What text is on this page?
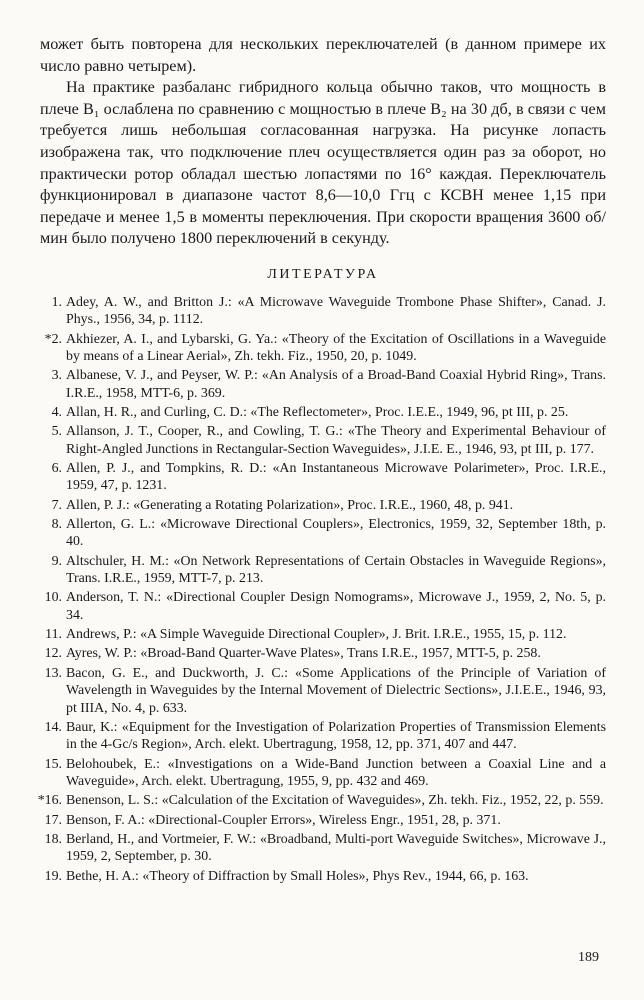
может быть повторена для нескольких переключателей (в данном примере их число равно четырем).

На практике разбаланс гибридного кольца обычно таков, что мощность в плече B₁ ослаблена по сравнению с мощностью в плече B₂ на 30 дб, в связи с чем требуется лишь небольшая согласованная нагрузка. На рисунке лопасть изображена так, что подключение плеч осуществляется один раз за оборот, но практически ротор обладал шестью лопастями по 16° каждая. Переключатель функционировал в диапазоне частот 8,6—10,0 Ггц с КСВН менее 1,15 при передаче и менее 1,5 в моменты переключения. При скорости вращения 3600 об/мин было получено 1800 переключений в секунду.

ЛИТЕРАТУРА
1. Adey, A. W., and Britton J.: «A Microwave Waveguide Trombone Phase Shifter», Canad. J. Phys., 1956, 34, p. 1112.
*2. Akhiezer, A. I., and Lybarski, G. Ya.: «Theory of the Excitation of Oscillations in a Waveguide by means of a Linear Aerial», Zh. tekh. Fiz., 1950, 20, p. 1049.
3. Albanese, V. J., and Peyser, W. P.: «An Analysis of a Broad-Band Coaxial Hybrid Ring», Trans. I.R.E., 1958, MTT-6, p. 369.
4. Allan, H. R., and Curling, C. D.: «The Reflectometer», Proc. I.E.E., 1949, 96, pt III, p. 25.
5. Allanson, J. T., Cooper, R., and Cowling, T. G.: «The Theory and Experimental Behaviour of Right-Angled Junctions in Rectangular-Section Waveguides», J.I.E. E., 1946, 93, pt III, p. 177.
6. Allen, P. J., and Tompkins, R. D.: «An Instantaneous Microwave Polarimeter», Proc. I.R.E., 1959, 47, p. 1231.
7. Allen, P. J.: «Generating a Rotating Polarization», Proc. I.R.E., 1960, 48, p. 941.
8. Allerton, G. L.: «Microwave Directional Couplers», Electronics, 1959, 32, September 18th, p. 40.
9. Altschuler, H. M.: «On Network Representations of Certain Obstacles in Waveguide Regions», Trans. I.R.E., 1959, MTT-7, p. 213.
10. Anderson, T. N.: «Directional Coupler Design Nomograms», Microwave J., 1959, 2, No. 5, p. 34.
11. Andrews, P.: «A Simple Waveguide Directional Coupler», J. Brit. I.R.E., 1955, 15, p. 112.
12. Ayres, W. P.: «Broad-Band Quarter-Wave Plates», Trans I.R.E., 1957, MTT-5, p. 258.
13. Bacon, G. E., and Duckworth, J. C.: «Some Applications of the Principle of Variation of Wavelength in Waveguides by the Internal Movement of Dielectric Sections», J.I.E.E., 1946, 93, pt IIIA, No. 4, p. 633.
14. Baur, K.: «Equipment for the Investigation of Polarization Properties of Transmission Elements in the 4-Gc/s Region», Arch. elekt. Ubertragung, 1958, 12, pp. 371, 407 and 447.
15. Belohoubek, E.: «Investigations on a Wide-Band Junction between a Coaxial Line and a Waveguide», Arch. elekt. Ubertragung, 1955, 9, pp. 432 and 469.
*16. Benenson, L. S.: «Calculation of the Excitation of Waveguides», Zh. tekh. Fiz., 1952, 22, p. 559.
17. Benson, F. A.: «Directional-Coupler Errors», Wireless Engr., 1951, 28, p. 371.
18. Berland, H., and Vortmeier, F. W.: «Broadband, Multi-port Waveguide Switches», Microwave J., 1959, 2, September, p. 30.
19. Bethe, H. A.: «Theory of Diffraction by Small Holes», Phys Rev., 1944, 66, p. 163.
189
